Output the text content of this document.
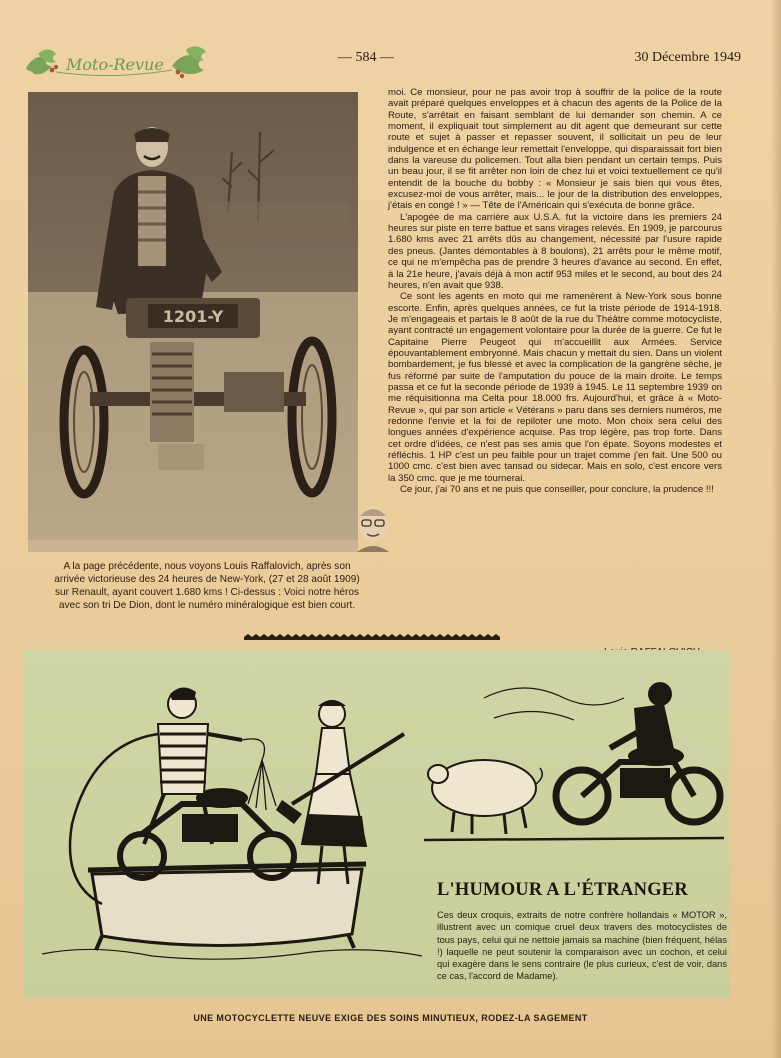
Moto-Revue	— 584 —	30 Décembre 1949
1201-Y
A la page précédente, nous voyons Louis Raffalovich, après son arrivée victorieuse des 24 heures de New-York, (27 et 28 août 1909) sur Renault, ayant couvert 1.680 kms ! Ci-dessus : Voici notre héros avec son tri De Dion, dont le numéro minéralogique est bien court.

moi. Ce monsieur, pour ne pas avoir trop à souffrir de la police de la route avait préparé quelques enveloppes et à chacun des agents de la Police de la Route, s'arrêtait en faisant semblant de lui demander son chemin. A ce moment, il expliquait tout simplement au dit agent que demeurant sur cette route et sujet à passer et repasser souvent, il sollicitait un peu de leur indulgence et en échange leur remettait l'enveloppe, qui disparaissait fort bien dans la vareuse du policemen. Tout alla bien pendant un certain temps. Puis un beau jour, il se fit arrêter non loin de chez lui et voici textuellement ce qu'il entendit de la bouche du bobby : « Monsieur je sais bien qui vous êtes, excusez-moi de vous arrêter, mais... le jour de la distribution des enveloppes, j'étais en congé ! » — Tête de l'Américain qui s'exécuta de bonne grâce.

L'apogée de ma carrière aux U.S.A. fut la victoire dans les premiers 24 heures sur piste en terre battue et sans virages relevés. En 1909, je parcourus 1.680 kms avec 21 arrêts dûs au changement, nécessité par l'usure rapide des pneus. (Jantes démontables à 8 boulons), 21 arrêts pour le même motif, ce qui ne m'empêcha pas de prendre 3 heures d'avance au second. En effet, à la 21e heure, j'avais déjà à mon actif 953 miles et le second, au bout des 24 heures, n'en avait que 938.

Ce sont les agents en moto qui me ramenèrent à New-York sous bonne escorte. Enfin, après quelques années, ce fut la triste période de 1914-1918. Je m'engageais et partais le 8 août de la rue du Théâtre comme motocycliste, ayant contracté un engagement volontaire pour la durée de la guerre. Ce fut le Capitaine Pierre Peugeot qui m'accueillit aux Armées. Service épouvantablement embryonné. Mais chacun y mettait du sien. Dans un violent bombardement, je fus blessé et avec la complication de la gangrène sèche, je fus réformé par suite de l'amputation du pouce de la main droite. Le temps passa et ce fut la seconde période de 1939 à 1945. Le 11 septembre 1939 on me réquisitionna ma Celta pour 18.000 frs. Aujourd'hui, et grâce à « Moto-Revue », qui par son article « Vétérans » paru dans ses derniers numéros, me redonne l'envie et la foi de repiloter une moto. Mon choix sera celui des longues années d'expérience acquise. Pas trop légère, pas trop forte. Dans cet ordre d'idées, ce n'est pas ses amis que l'on épate. Soyons modestes et réfléchis. 1 HP c'est un peu faible pour un trajet comme j'en fait. Une 500 ou 1000 cmc. c'est bien avec tansad ou sidecar. Mais en solo, c'est encore vers la 350 cmc. que je me tournerai.

Ce jour, j'ai 70 ans et ne puis que conseiller, pour conclure, la prudence !!!

L'HUMOUR A L'ÉTRANGER
Ces deux croquis, extraits de notre confrère hollandais « MOTOR », illustrent avec un comique cruel deux travers des motocyclistes de tous pays, celui qui ne nettoie jamais sa machine (bien fréquent, hélas !) laquelle ne peut soutenir la comparaison avec un cochon, et celui qui exagère dans le sens contraire (le plus curieux, c'est de voir, dans ce cas, l'accord de Madame).
UNE MOTOCYCLETTE NEUVE EXIGE DES SOINS MINUTIEUX, RODEZ-LA SAGEMENT
